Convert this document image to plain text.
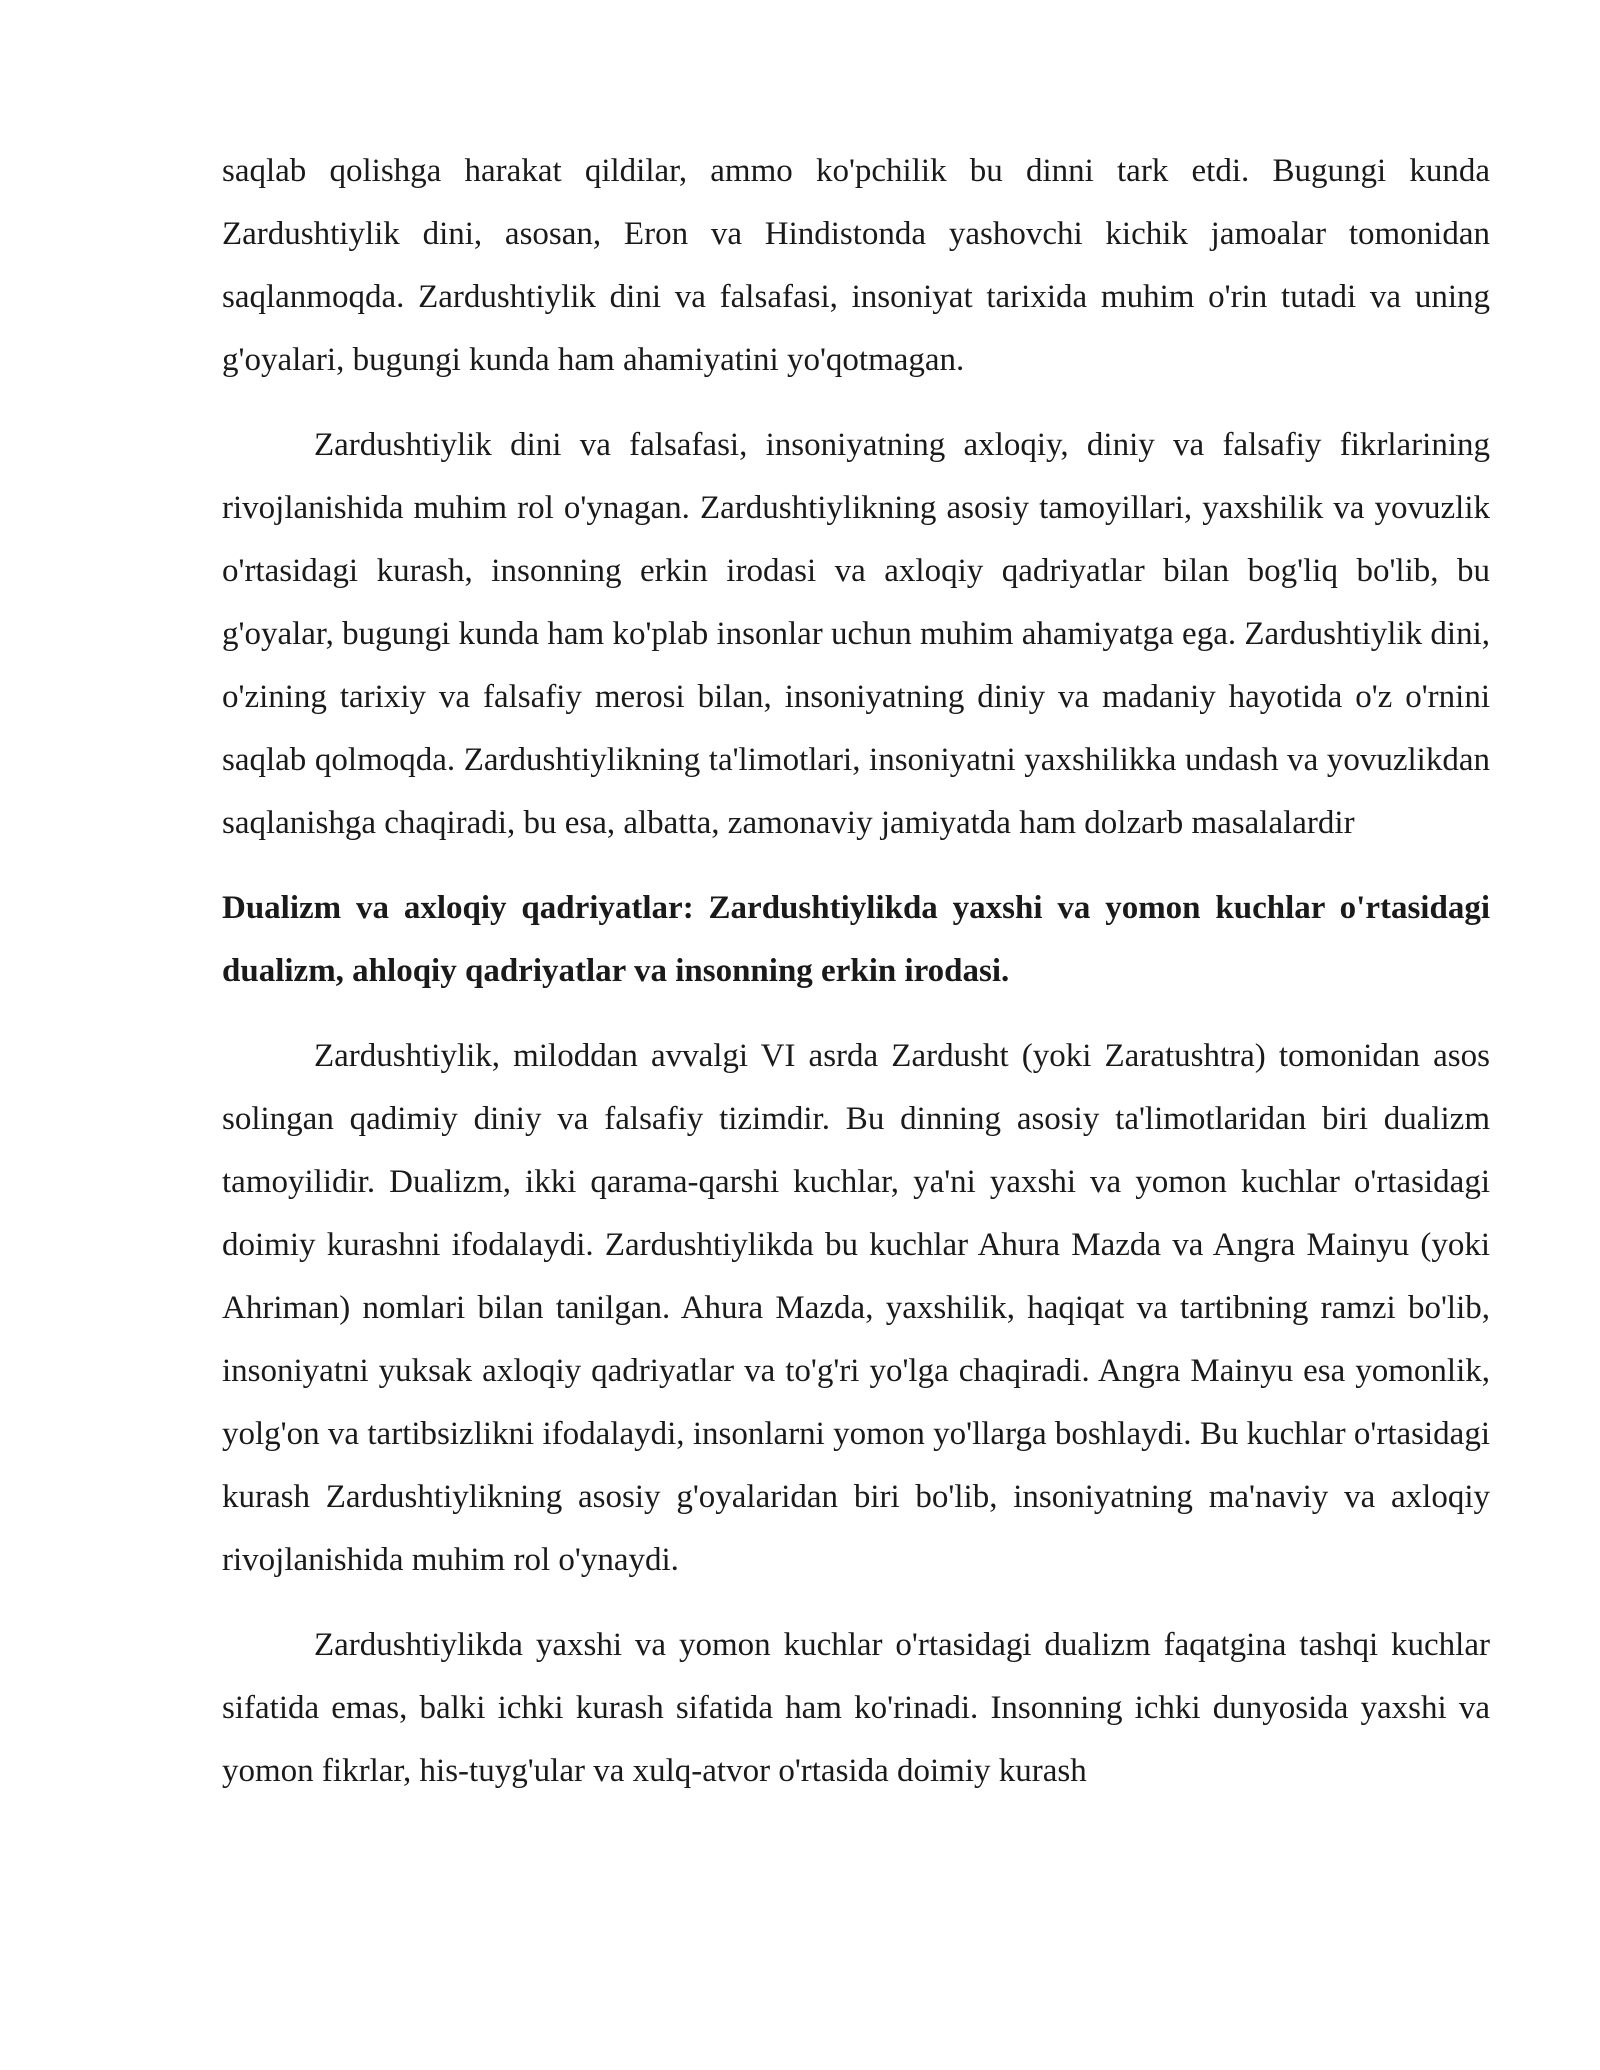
saqlab qolishga harakat qildilar, ammo ko'pchilik bu dinni tark etdi. Bugungi kunda Zardushtiylik dini, asosan, Eron va Hindistonda yashovchi kichik jamoalar tomonidan saqlanmoqda. Zardushtiylik dini va falsafasi, insoniyat tarixida muhim o'rin tutadi va uning g'oyalari, bugungi kunda ham ahamiyatini yo'qotmagan.

Zardushtiylik dini va falsafasi, insoniyatning axloqiy, diniy va falsafiy fikrlarining rivojlanishida muhim rol o'ynagan. Zardushtiylikning asosiy tamoyillari, yaxshilik va yovuzlik o'rtasidagi kurash, insonning erkin irodasi va axloqiy qadriyatlar bilan bog'liq bo'lib, bu g'oyalar, bugungi kunda ham ko'plab insonlar uchun muhim ahamiyatga ega. Zardushtiylik dini, o'zining tarixiy va falsafiy merosi bilan, insoniyatning diniy va madaniy hayotida o'z o'rnini saqlab qolmoqda. Zardushtiylikning ta'limotlari, insoniyatni yaxshilikka undash va yovuzlikdan saqlanishga chaqiradi, bu esa, albatta, zamonaviy jamiyatda ham dolzarb masalalardir

Dualizm va axloqiy qadriyatlar: Zardushtiylikda yaxshi va yomon kuchlar o'rtasidagi dualizm, ahloqiy qadriyatlar va insonning erkin irodasi.

Zardushtiylik, miloddan avvalgi VI asrda Zardusht (yoki Zaratushtra) tomonidan asos solingan qadimiy diniy va falsafiy tizimdir. Bu dinning asosiy ta'limotlaridan biri dualizm tamoyilidir. Dualizm, ikki qarama-qarshi kuchlar, ya'ni yaxshi va yomon kuchlar o'rtasidagi doimiy kurashni ifodalaydi. Zardushtiylikda bu kuchlar Ahura Mazda va Angra Mainyu (yoki Ahriman) nomlari bilan tanilgan. Ahura Mazda, yaxshilik, haqiqat va tartibning ramzi bo'lib, insoniyatni yuksak axloqiy qadriyatlar va to'g'ri yo'lga chaqiradi. Angra Mainyu esa yomonlik, yolg'on va tartibsizlikni ifodalaydi, insonlarni yomon yo'llarga boshlaydi. Bu kuchlar o'rtasidagi kurash Zardushtiylikning asosiy g'oyalaridan biri bo'lib, insoniyatning ma'naviy va axloqiy rivojlanishida muhim rol o'ynaydi.

Zardushtiylikda yaxshi va yomon kuchlar o'rtasidagi dualizm faqatgina tashqi kuchlar sifatida emas, balki ichki kurash sifatida ham ko'rinadi. Insonning ichki dunyosida yaxshi va yomon fikrlar, his-tuyg'ular va xulq-atvor o'rtasida doimiy kurash
